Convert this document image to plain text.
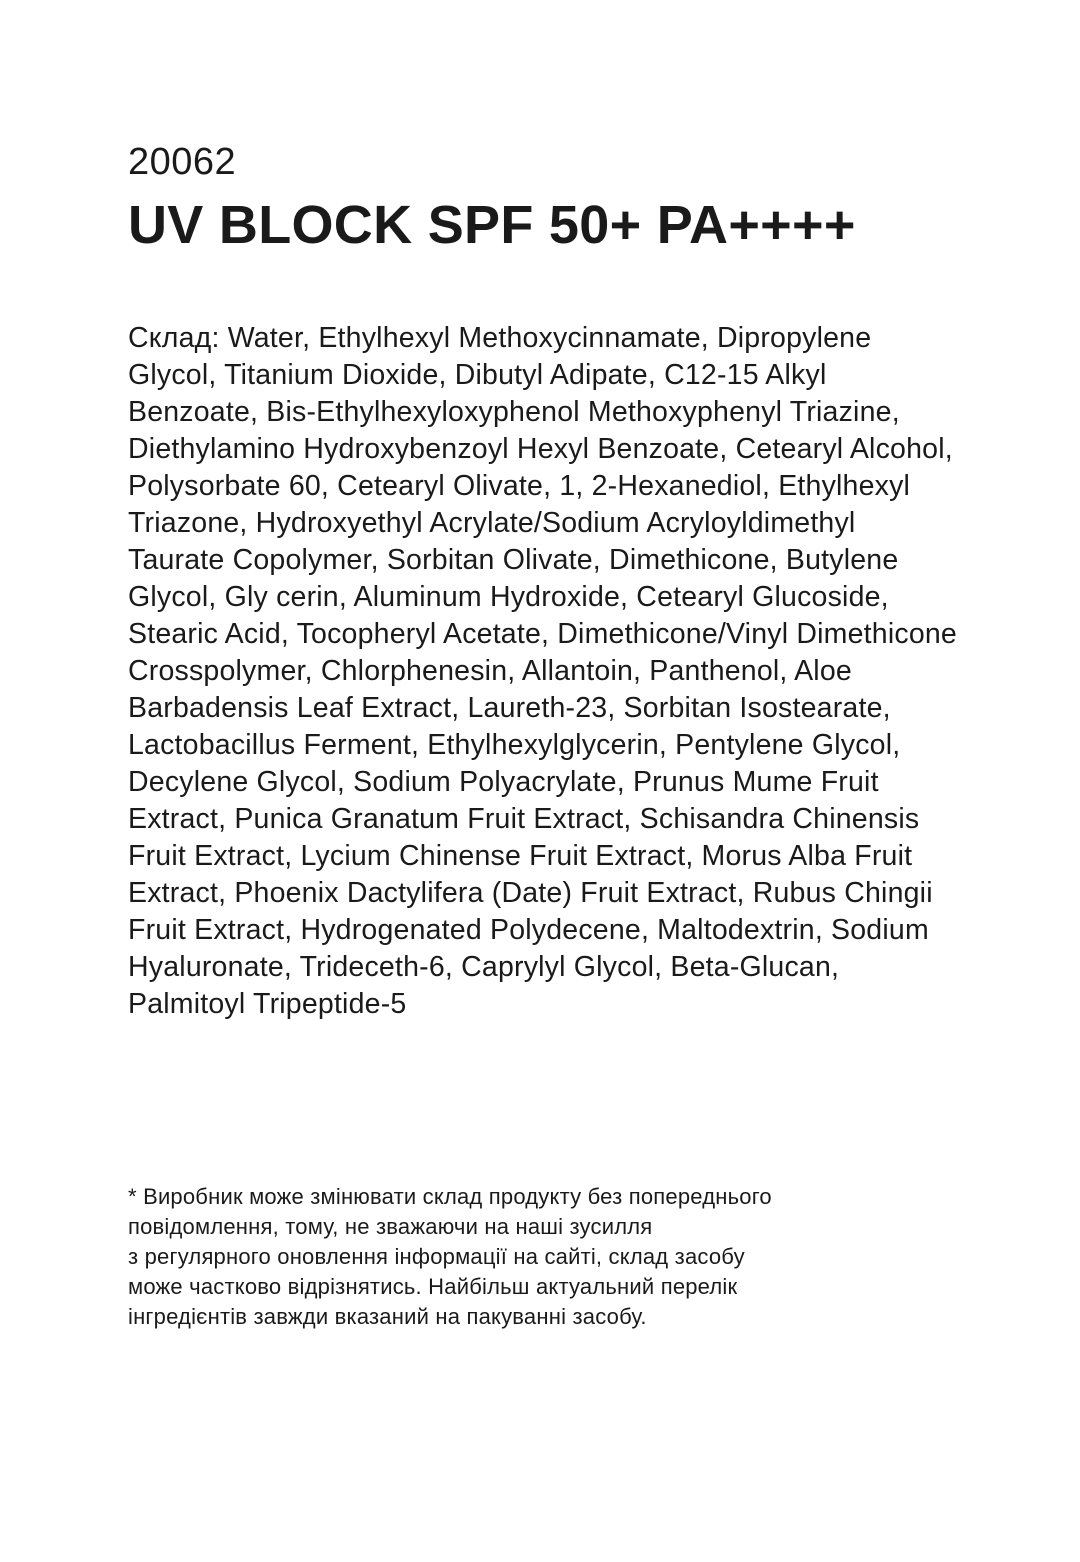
20062

UV BLOCK SPF 50+ PA++++

Склад: Water, Ethylhexyl Methoxycinnamate, Dipropylene Glycol, Titanium Dioxide, Dibutyl Adipate, C12-15 Alkyl Benzoate, Bis-Ethylhexyloxyphenol Methoxyphenyl Triazine, Diethylamino Hydroxybenzoyl Hexyl Benzoate, Cetearyl Alcohol, Polysorbate 60, Cetearyl Olivate, 1, 2-Hexanediol, Ethylhexyl Triazone, Hydroxyethyl Acrylate/Sodium Acryloyldimethyl Taurate Copolymer, Sorbitan Olivate, Dimethicone, Butylene Glycol, Gly cerin, Aluminum Hydroxide, Cetearyl Glucoside, Stearic Acid, Tocopheryl Acetate, Dimethicone/Vinyl Dimethicone Crosspolymer, Chlorphenesin, Allantoin, Panthenol, Aloe Barbadensis Leaf Extract, Laureth-23, Sorbitan Isostearate, Lactobacillus Ferment, Ethylhexylglycerin, Pentylene Glycol, Decylene Glycol, Sodium Polyacrylate, Prunus Mume Fruit Extract, Punica Granatum Fruit Extract, Schisandra Chinensis Fruit Extract, Lycium Chinense Fruit Extract, Morus Alba Fruit Extract, Phoenix Dactylifera (Date) Fruit Extract, Rubus Chingii Fruit Extract, Hydrogenated Polydecene, Maltodextrin, Sodium Hyaluronate, Trideceth-6, Caprylyl Glycol, Beta-Glucan, Palmitoyl Tripeptide-5

* Виробник може змінювати склад продукту без попереднього
повідомлення, тому, не зважаючи на наші зусилля
з регулярного оновлення інформації на сайті, склад засобу
може частково відрізнятись. Найбільш актуальний перелік
інгредієнтів завжди вказаний на пакуванні засобу.
